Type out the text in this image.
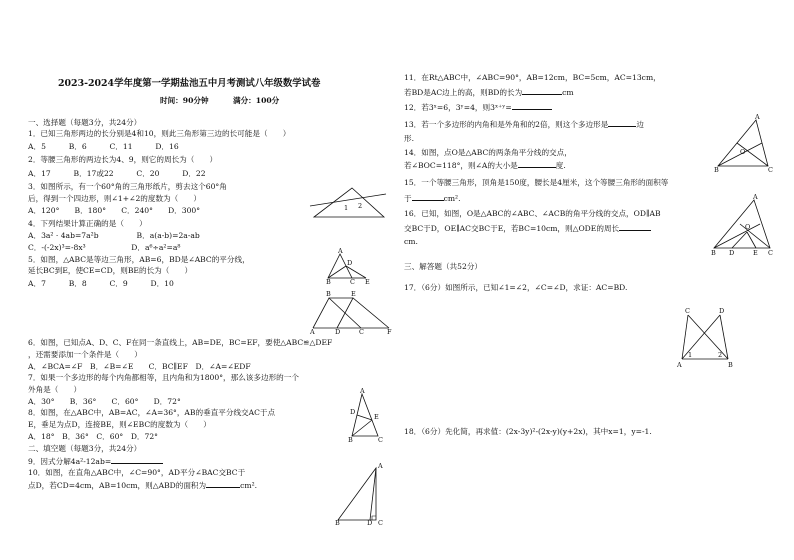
2023-2024学年度第一学期盐池五中月考测试八年级数学试卷
时间：90分钟	满分：100分
一、选择题（每题3分，共24分）
1．已知三角形两边的长分别是4和10，则此三角形第三边的长可能是（　　）
A．5　　　B．6　　　C．11　　　D．16
2．等腰三角形的两边长为4、9，则它的周长为（　　）
A．17　　　B．17或22　　　C．20　　　D．22
3．如图所示，有一个60°角的三角形纸片，剪去这个60°角
后，得到一个四边形，则∠1+∠2的度数为（　　）
A．120°　　B．180°　　C．240°　　D．300°
4．下列结果计算正确的是（　　）
A．3a² · 4ab=7a²b　　　　　B．a(a-b)=2a-ab
C．-(-2x)³=-8x³　　　　　　D．a⁶÷a²=a⁸
5．如图，△ABC是等边三角形，AB=6，BD是∠ABC的平分线，
延长BC到E，使CE=CD，则BE的长为（　　）
A．7　　　B．8　　　C．9　　　D．10
6．如图，已知点A、D、C、F在同一条直线上，AB=DE，BC=EF，要使△ABC≌△DEF
，还需要添加一个条件是（　　）
A．∠BCA=∠F　B．∠B=∠E　　C．BC∥EF　D．∠A=∠EDF
7．如果一个多边形的每个内角都相等，且内角和为1800°，那么该多边形的一个
外角是（　　）
A．30°　　B．36°　　C．60°　　D．72°
8．如图，在△ABC中，AB=AC，∠A=36°，AB的垂直平分线交AC于点
E，垂足为点D，连接BE，则∠EBC的度数为（　　）
A．18°　B．36°　C．60°　D．72°
二、填空题（每题3分，共24分）
9．因式分解4a²-12ab=
10．如图，在直角△ABC中，∠C=90°，AD平分∠BAC交BC于
点D，若CD=4cm，AB=10cm，则△ABD的面积为	cm².
11．在Rt△ABC中，∠ABC=90°，AB=12cm，BC=5cm，AC=13cm，
若BD是AC边上的高，则BD的长为	cm
12．若3ˣ=6，3ʸ=4，则3ˣ⁺ʸ=
13．若一个多边形的内角和是外角和的2倍，则这个多边形是	边
形.
14．如图，点O是△ABC的两条角平分线的交点，
若∠BOC=118°，则∠A的大小是	度.
15．一个等腰三角形，顶角是150度，腰长是4厘米，这个等腰三角形的面积等
于	cm².
16．已知，如图，O是△ABC的∠ABC、∠ACB的角平分线的交点，OD∥AB
交BC于D，OE∥AC交BC于E，若BC=10cm，则△ODE的周长
cm.
三、解答题（共52分）
17．（6分）如图所示，已知∠1=∠2，∠C=∠D，求证：AC=BD.
18．（6分）先化简，再求值：(2x-3y)²-(2x-y)(y+2x)，其中x=1，y=-1.
1 2
A
D
B	C E
B	E
A	D	C	F
A
D
E
B	C
A
C
D
B
A
O
B	C
A
O
B D	E C
C	D
1	2
A	B
